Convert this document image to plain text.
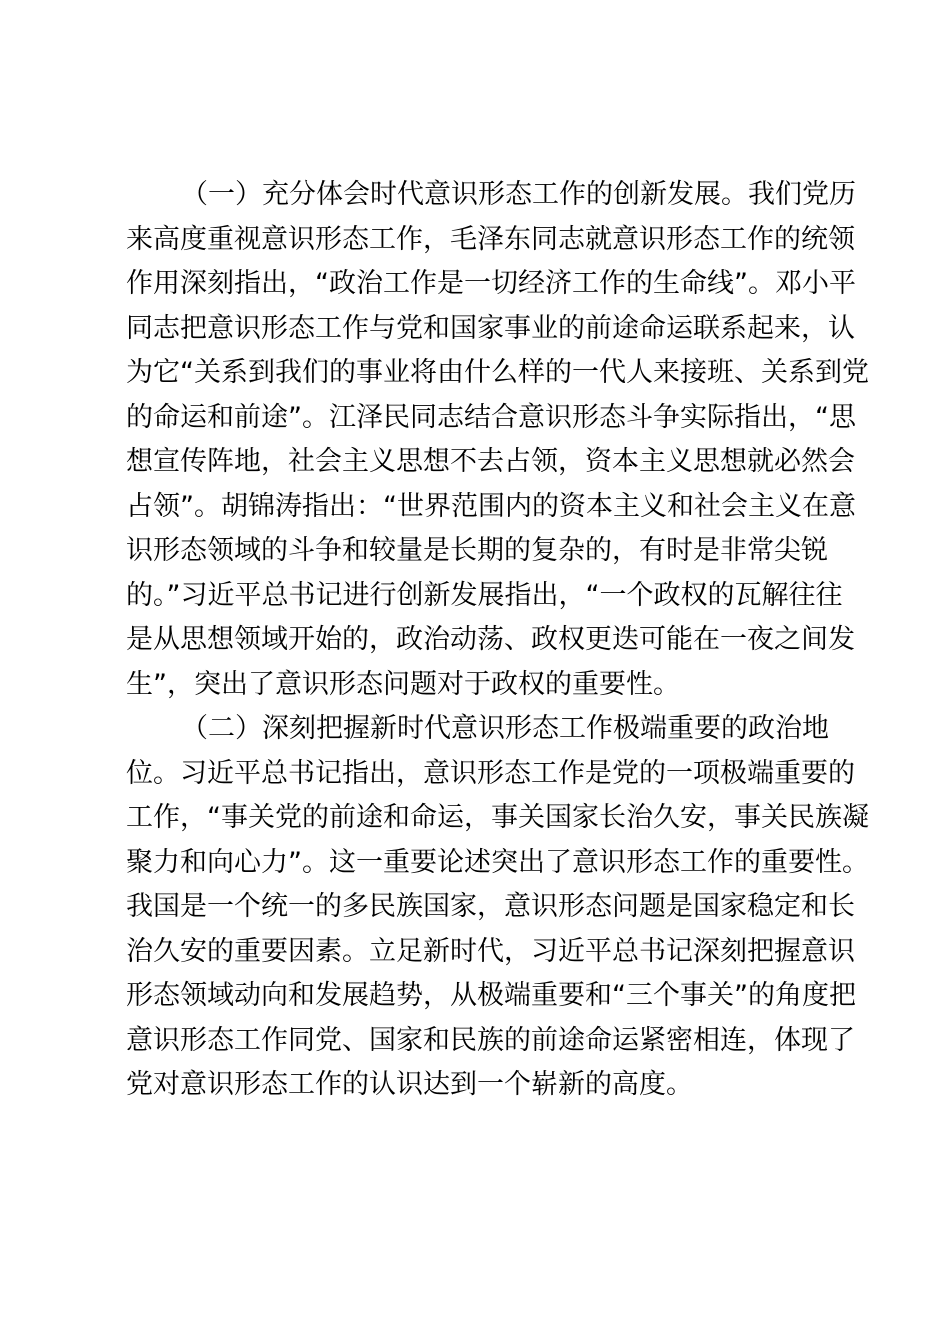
（一）充分体会时代意识形态工作的创新发展。我们党历
来高度重视意识形态工作，毛泽东同志就意识形态工作的统领
作用深刻指出，“政治工作是一切经济工作的生命线”。邓小平
同志把意识形态工作与党和国家事业的前途命运联系起来，认
为它“关系到我们的事业将由什么样的一代人来接班、关系到党
的命运和前途”。江泽民同志结合意识形态斗争实际指出，“思
想宣传阵地，社会主义思想不去占领，资本主义思想就必然会
占领”。胡锦涛指出：“世界范围内的资本主义和社会主义在意
识形态领域的斗争和较量是长期的复杂的，有时是非常尖锐
的。”习近平总书记进行创新发展指出，“一个政权的瓦解往往
是从思想领域开始的，政治动荡、政权更迭可能在一夜之间发
生”，突出了意识形态问题对于政权的重要性。
（二）深刻把握新时代意识形态工作极端重要的政治地
位。习近平总书记指出，意识形态工作是党的一项极端重要的
工作，“事关党的前途和命运，事关国家长治久安，事关民族凝
聚力和向心力”。这一重要论述突出了意识形态工作的重要性。
我国是一个统一的多民族国家，意识形态问题是国家稳定和长
治久安的重要因素。立足新时代，习近平总书记深刻把握意识
形态领域动向和发展趋势，从极端重要和“三个事关”的角度把
意识形态工作同党、国家和民族的前途命运紧密相连，体现了
党对意识形态工作的认识达到一个崭新的高度。
